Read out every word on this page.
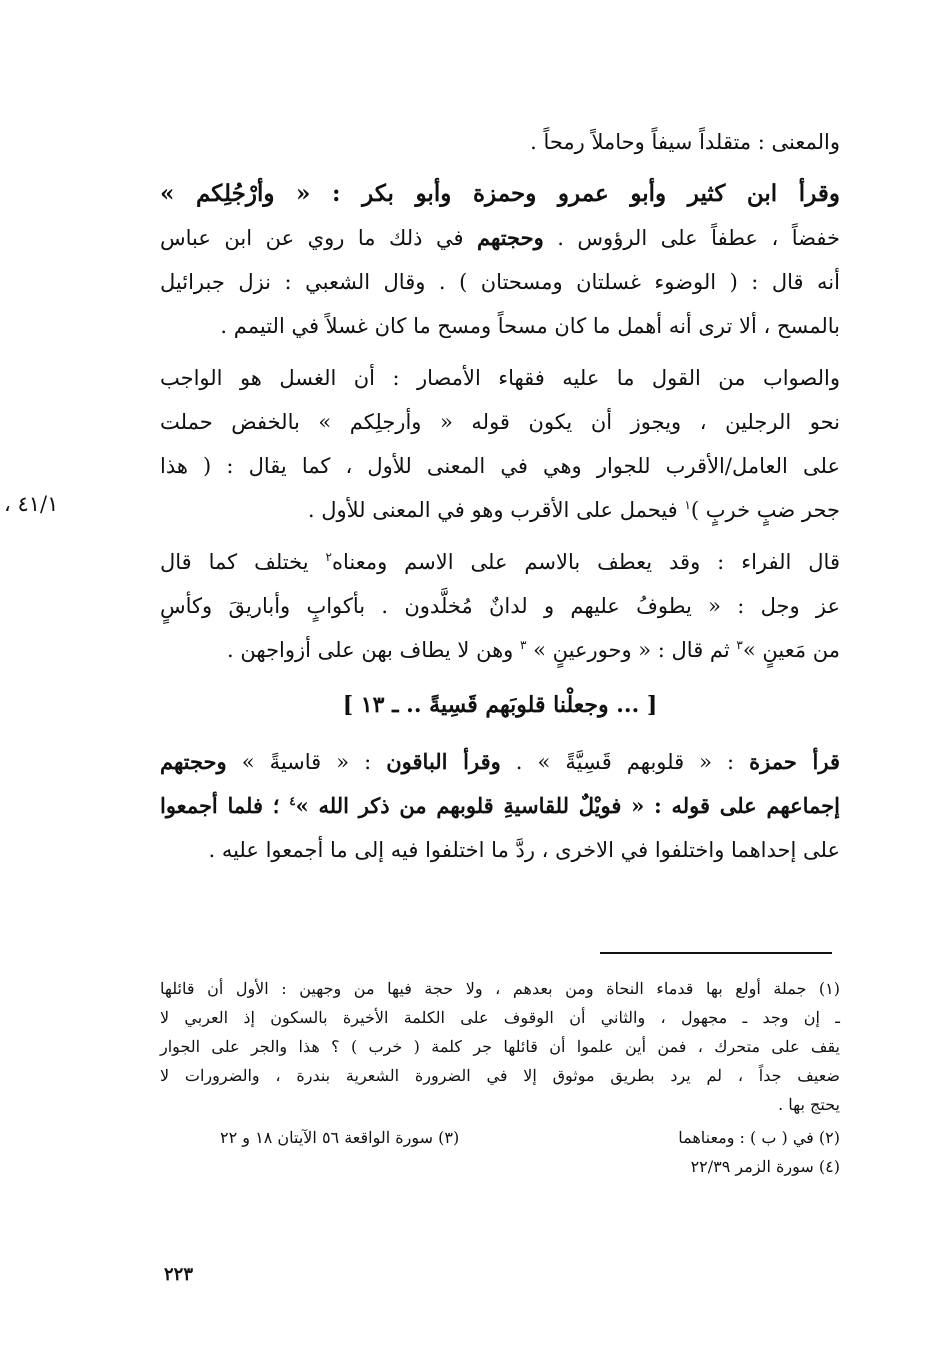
والمعنى : متقلداً سيفاً وحاملاً رمحاً .
وقرأ ابن كثير وأبو عمرو وحمزة وأبو بكر : « وأرْجُلِكم »
خفضاً ، عطفاً على الرؤوس . وحجتهم في ذلك ما روي عن ابن عباس
أنه قال : ( الوضوء غسلتان ومسحتان ) . وقال الشعبي : نزل جبرائيل
بالمسح ، ألا ترى أنه أهمل ما كان مسحاً ومسح ما كان غسلاً في التيمم .
والصواب من القول ما عليه فقهاء الأمصار : أن الغسل هو الواجب
نحو الرجلين ، ويجوز أن يكون قوله « وأرجلِكم » بالخفض حملت
على العامل/الأقرب للجوار وهي في المعنى للأول ، كما يقال : ( هذا
جحر ضبٍ خربٍ )$^١$ فيحمل على الأقرب وهو في المعنى للأول .
قال الفراء : وقد يعطف بالاسم على الاسم ومعناه$^٢$ يختلف كما قال
عز وجل : « يطوفُ عليهم و لدانٌ مُخلَّدون . بأكوابٍ وأباريقَ وكأسٍ
من مَعينٍ »$^٣$ ثم قال : « وحورعينٍ » $^٣$ وهن لا يطاف بهن على أزواجهن .
[ ... وجعلْنا قلوبَهم قَسِيةً .. ـ ١٣ ]
قرأ حمزة : « قلوبهم قَسِيَّةً » . وقرأ الباقون : « قاسيةً » وحجتهم
إجماعهم على قوله : « فويْلٌ للقاسيةِ قلوبهم من ذكر الله »$^٤$ ؛ فلما أجمعوا
على إحداهما واختلفوا في الاخرى ، ردَّ ما اختلفوا فيه إلى ما أجمعوا عليه .
٤١/١ ،
(١) جملة أولع بها قدماء النحاة ومن بعدهم ، ولا حجة فيها من وجهين : الأول أن قائلها
ـ إن وجد ـ مجهول ، والثاني أن الوقوف على الكلمة الأخيرة بالسكون إذ العربي لا
يقف على متحرك ، فمن أين علموا أن قائلها جر كلمة ( خرب ) ؟ هذا والجر على الجوار
ضعيف جداً ، لم يرد بطريق موثوق إلا في الضرورة الشعرية بندرة ، والضرورات لا
يحتج بها .
(٢) في ( ب ) : ومعناهما
(٣) سورة الواقعة ٥٦ الآيتان ١٨ و ٢٢
(٤) سورة الزمر ٢٢/٣٩
٢٢٣
